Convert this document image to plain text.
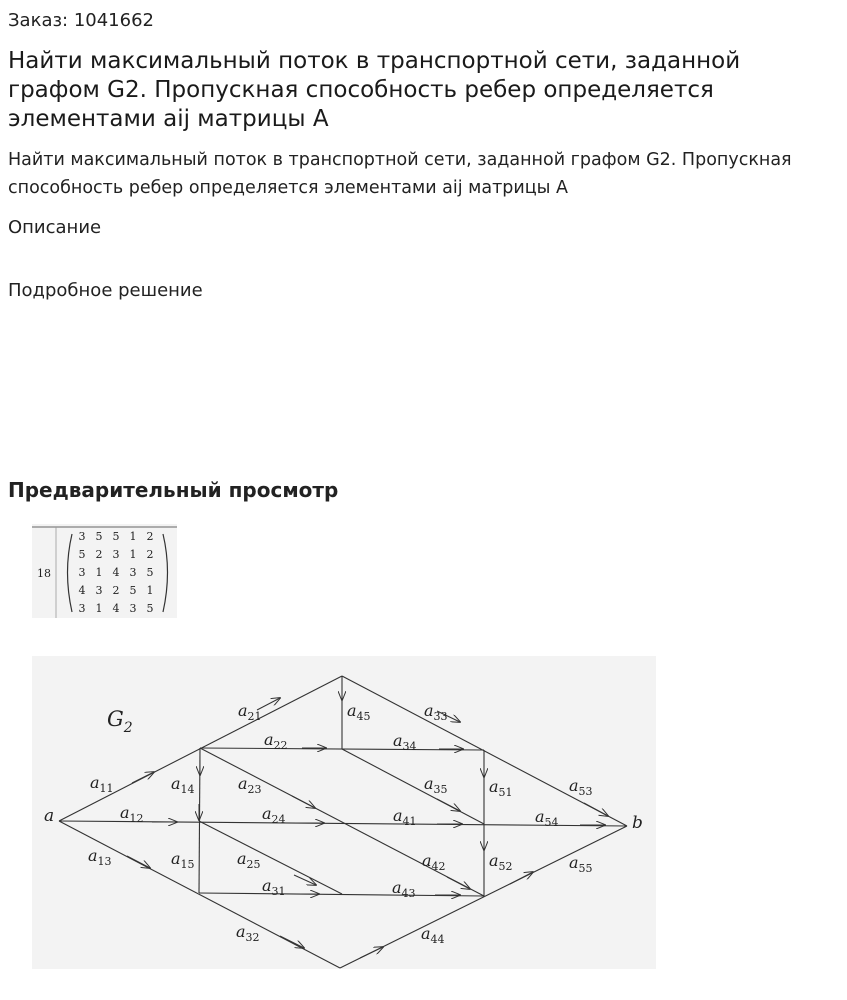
Заказ: 1041662
Найти максимальный поток в транспортной сети, заданной графом G2. Пропускная способность ребер определяется элементами aij матрицы А
Найти максимальный поток в транспортной сети, заданной графом G2. Пропускная способность ребер определяется элементами aij матрицы А
Описание
Подробное решение
Предварительный просмотр
18
3 5 5 1 2
5 2 3 1 2
3 1 4 3 5
4 3 2 5 1
3 1 4 3 5
$G_2$
a	b
$a_{11}$
$a_{12}$
$a_{13}$
$a_{21}$
$a_{22}$
$a_{23}$
$a_{24}$
$a_{25}$
$a_{31}$
$a_{32}$
$a_{33}$
$a_{34}$
$a_{35}$
$a_{41}$
$a_{42}$
$a_{43}$
$a_{44}$
$a_{45}$
$a_{14}$
$a_{15}$
$a_{51}$
$a_{52}$
$a_{53}$
$a_{54}$
$a_{55}$
